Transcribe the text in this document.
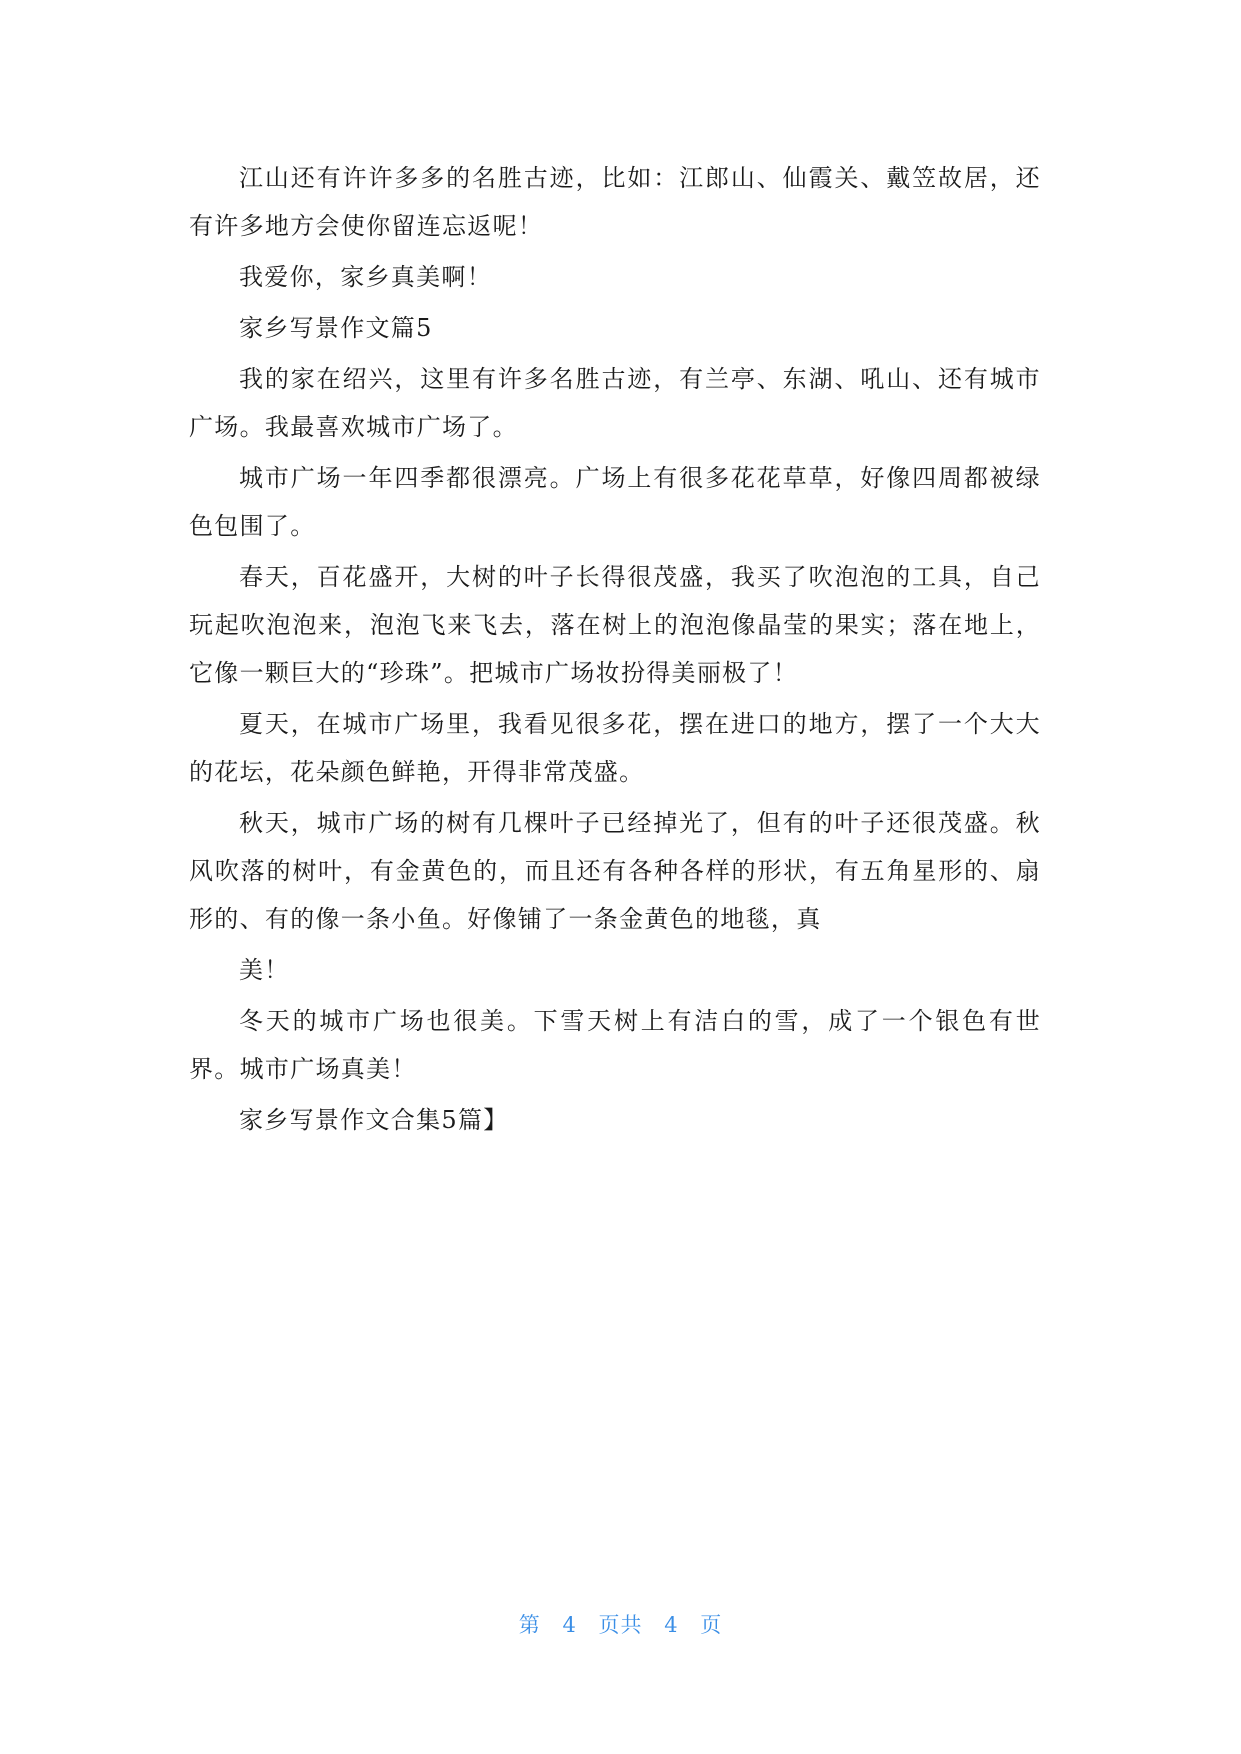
江山还有许许多多的名胜古迹，比如：江郎山、仙霞关、戴笠故居，还有许多地方会使你留连忘返呢！

我爱你，家乡真美啊！

家乡写景作文篇5

我的家在绍兴，这里有许多名胜古迹，有兰亭、东湖、吼山、还有城市广场。我最喜欢城市广场了。

城市广场一年四季都很漂亮。广场上有很多花花草草，好像四周都被绿色包围了。

春天，百花盛开，大树的叶子长得很茂盛，我买了吹泡泡的工具，自己玩起吹泡泡来，泡泡飞来飞去，落在树上的泡泡像晶莹的果实；落在地上，它像一颗巨大的“珍珠”。把城市广场妆扮得美丽极了！

夏天，在城市广场里，我看见很多花，摆在进口的地方，摆了一个大大的花坛，花朵颜色鲜艳，开得非常茂盛。

秋天，城市广场的树有几棵叶子已经掉光了，但有的叶子还很茂盛。秋风吹落的树叶，有金黄色的，而且还有各种各样的形状，有五角星形的、扇形的、有的像一条小鱼。好像铺了一条金黄色的地毯，真

美！

冬天的城市广场也很美。下雪天树上有洁白的雪，成了一个银色有世界。城市广场真美！

家乡写景作文合集5篇】

第 4 页共 4 页
